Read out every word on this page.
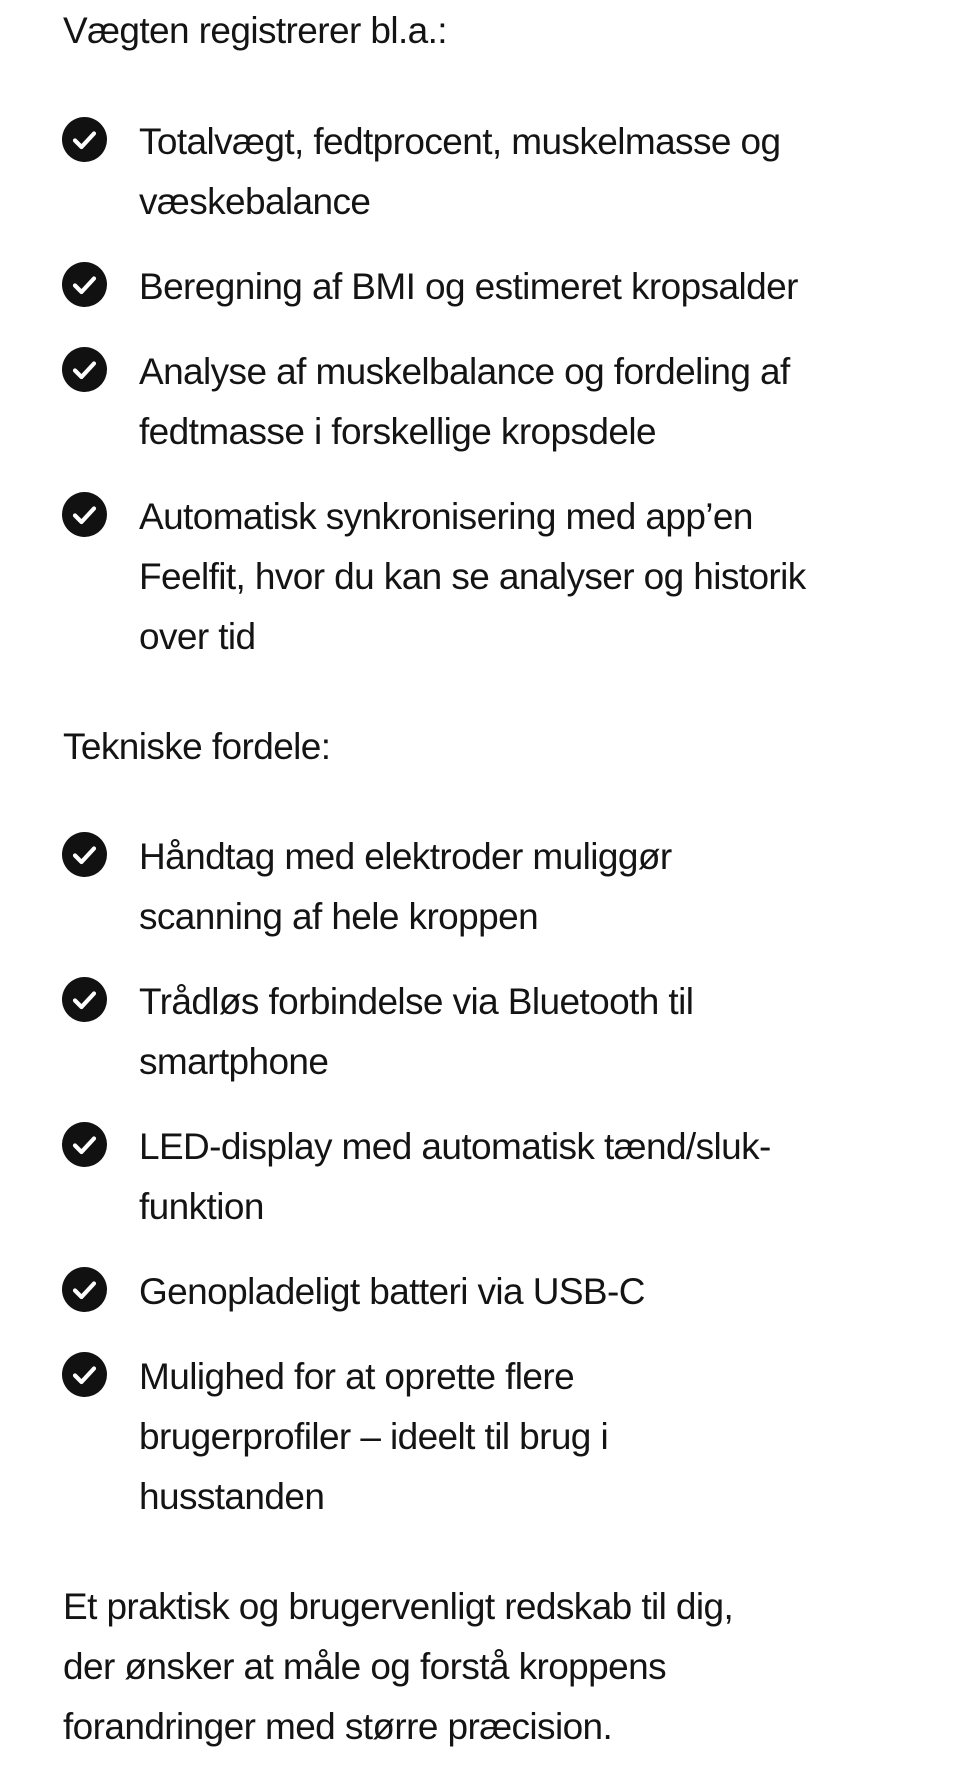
Vægten registrerer bl.a.:
Totalvægt, fedtprocent, muskelmasse og
væskebalance
Beregning af BMI og estimeret kropsalder
Analyse af muskelbalance og fordeling af
fedtmasse i forskellige kropsdele
Automatisk synkronisering med app’en
Feelfit, hvor du kan se analyser og historik
over tid
Tekniske fordele:
Håndtag med elektroder muliggør
scanning af hele kroppen
Trådløs forbindelse via Bluetooth til
smartphone
LED-display med automatisk tænd/sluk-
funktion
Genopladeligt batteri via USB-C
Mulighed for at oprette flere
brugerprofiler – ideelt til brug i
husstanden
Et praktisk og brugervenligt redskab til dig,
der ønsker at måle og forstå kroppens
forandringer med større præcision.
